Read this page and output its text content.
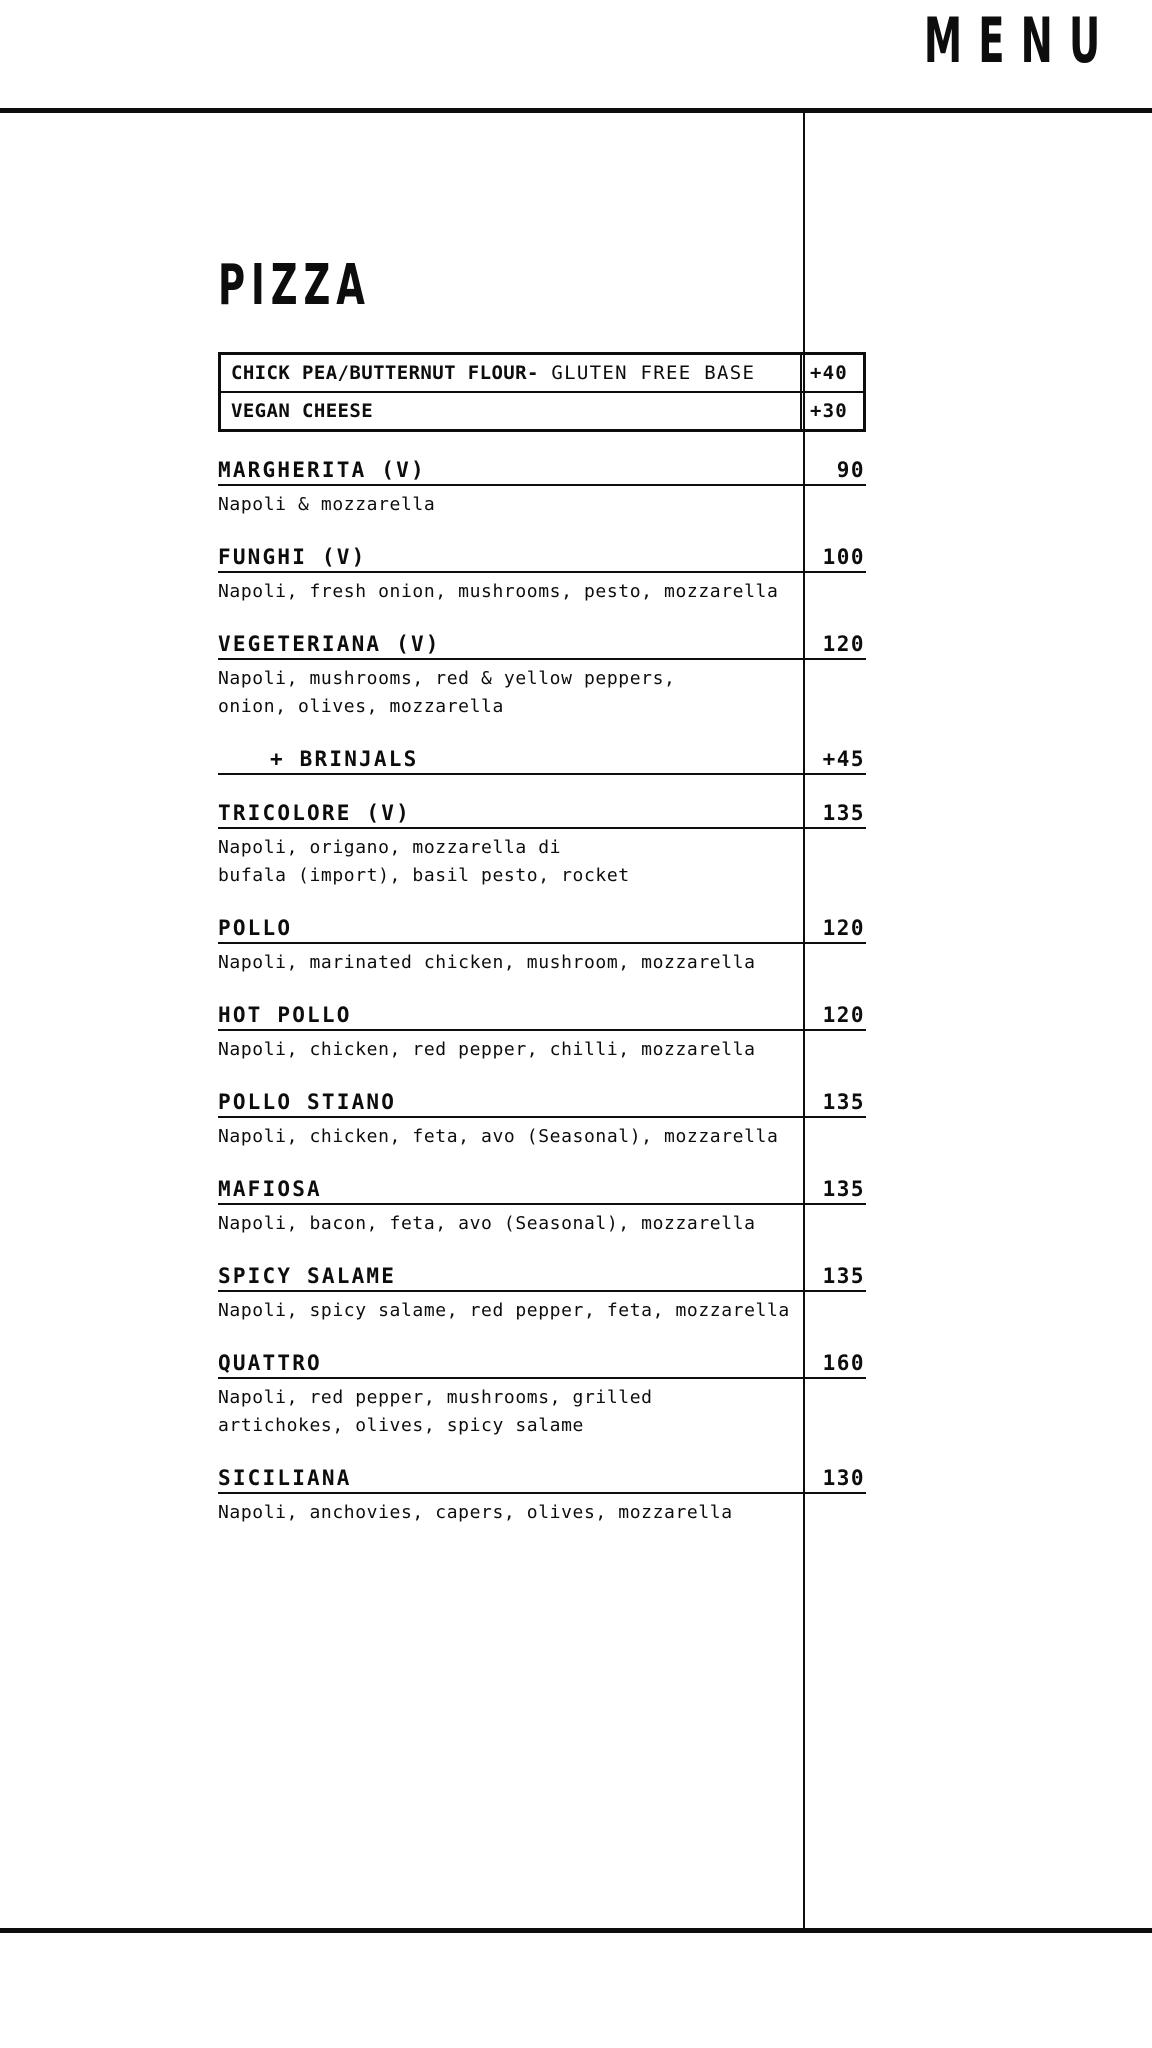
MENU
PIZZA
CHICK PEA/BUTTERNUT FLOUR-
GLUTEN FREE BASE	+40
VEGAN CHEESE	+30
MARGHERITA (V)	90
Napoli & mozzarella
FUNGHI (V)	100
Napoli, fresh onion, mushrooms, pesto, mozzarella
VEGETERIANA (V)	120
Napoli, mushrooms, red & yellow peppers,
onion, olives, mozzarella
+ BRINJALS	+45
TRICOLORE (V)	135
Napoli, origano, mozzarella di
bufala (import), basil pesto, rocket
POLLO	120
Napoli, marinated chicken, mushroom, mozzarella
HOT POLLO	120
Napoli, chicken, red pepper, chilli, mozzarella
POLLO STIANO	135
Napoli, chicken, feta, avo (Seasonal), mozzarella
MAFIOSA	135
Napoli, bacon, feta, avo (Seasonal), mozzarella
SPICY SALAME	135
Napoli, spicy salame, red pepper, feta, mozzarella
QUATTRO	160
Napoli, red pepper, mushrooms, grilled
artichokes, olives, spicy salame
SICILIANA	130
Napoli, anchovies, capers, olives, mozzarella
